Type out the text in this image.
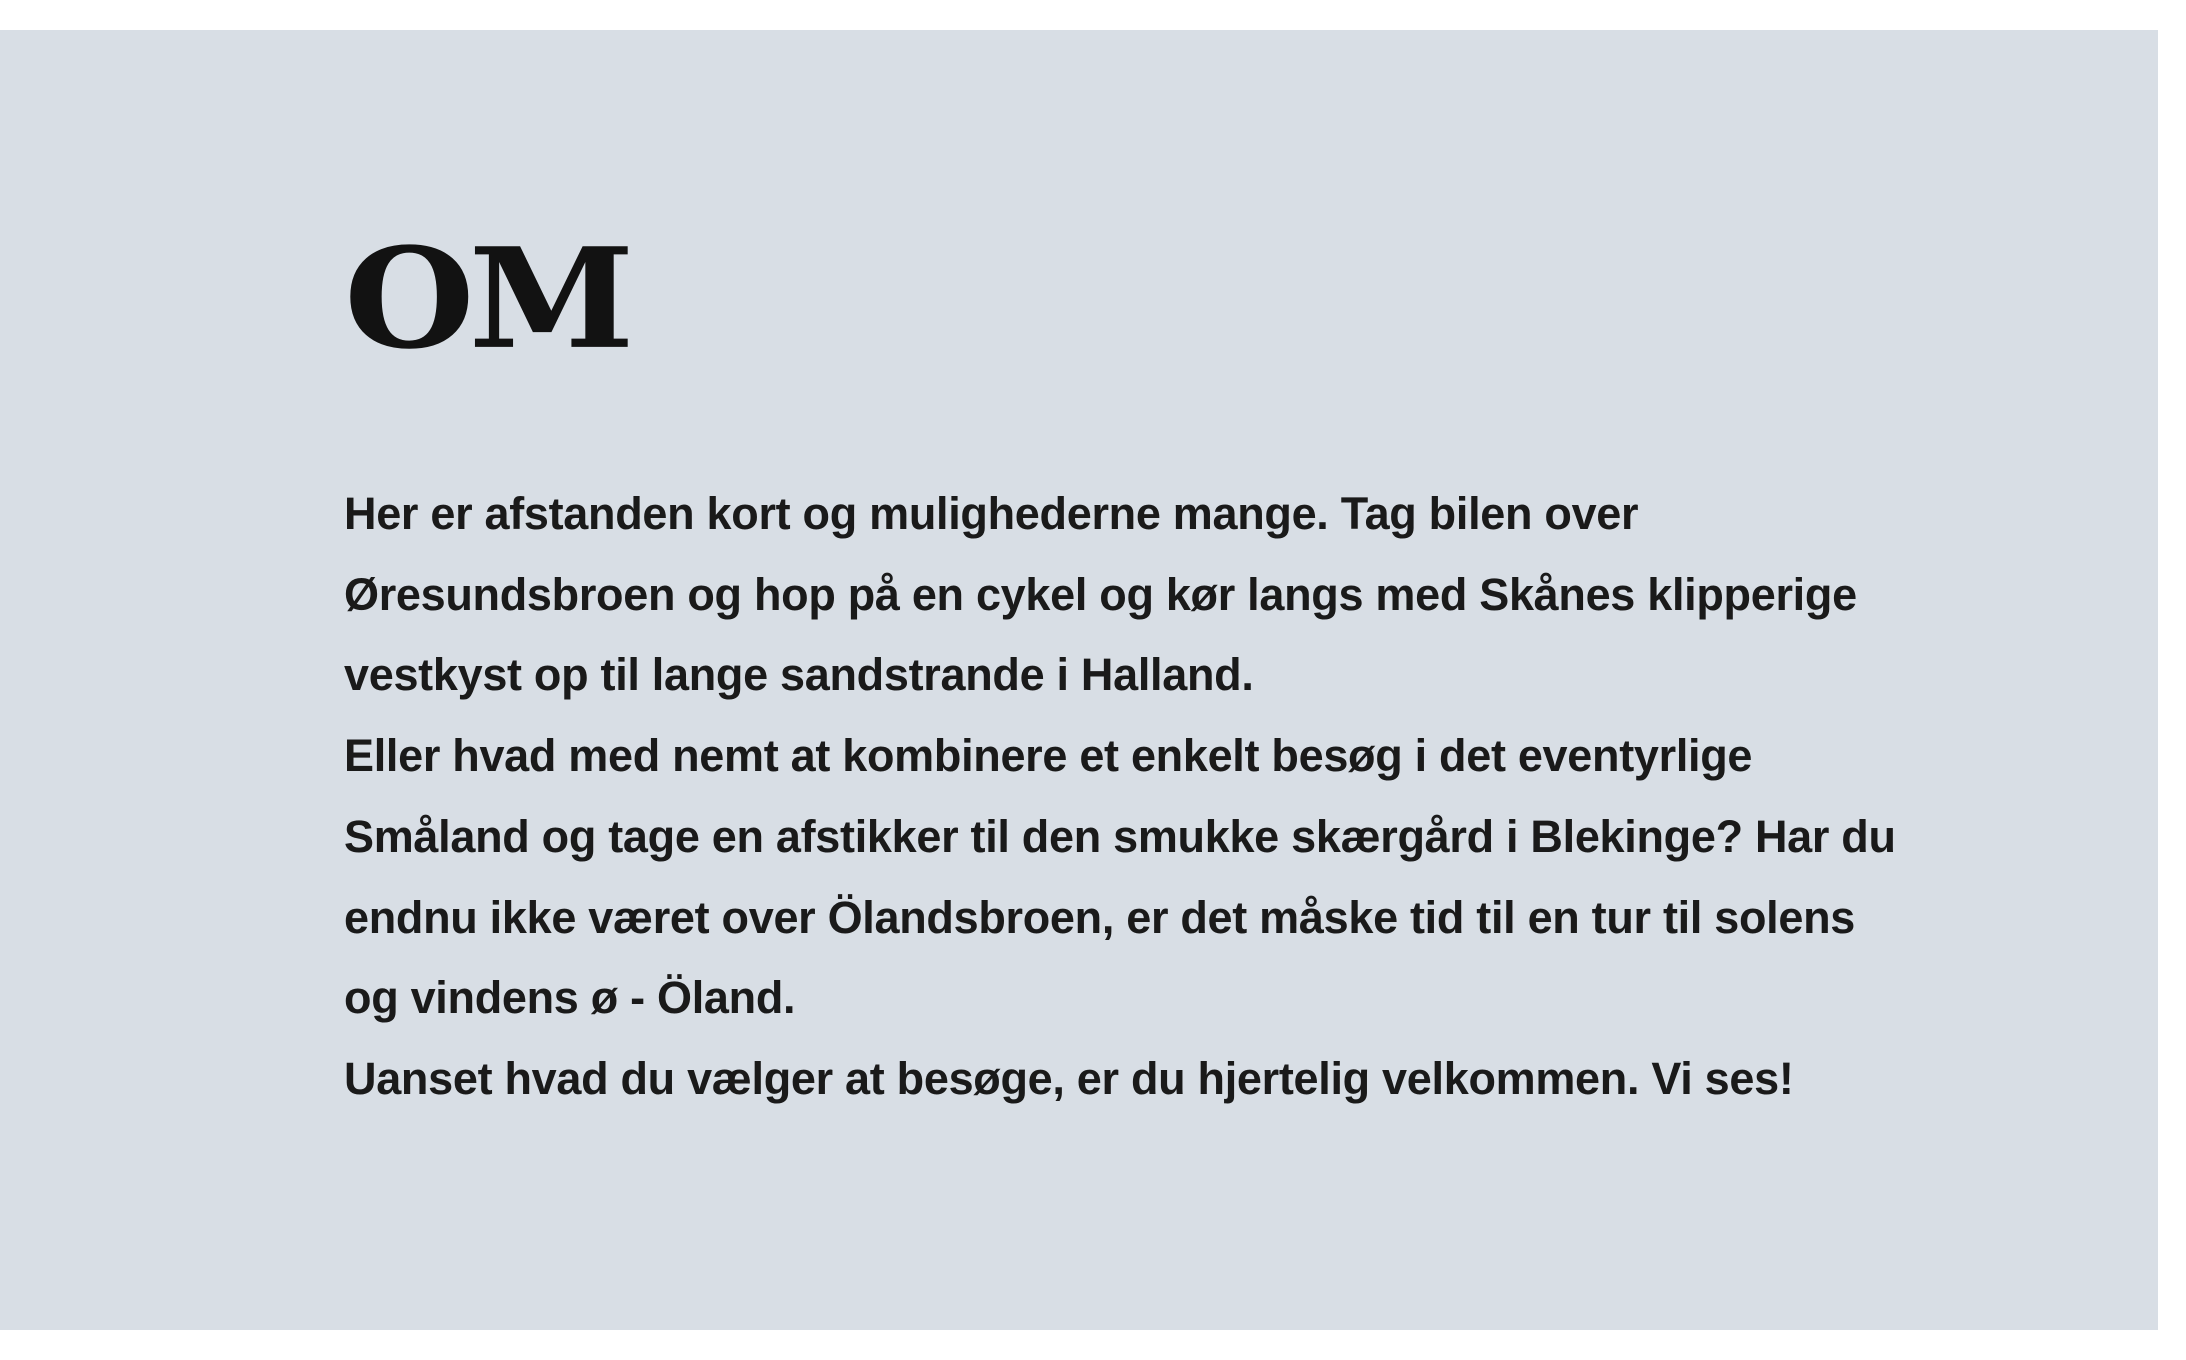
OM

Her er afstanden kort og mulighederne mange. Tag bilen over

Øresundsbroen og hop på en cykel og kør langs med Skånes klipperige

vestkyst op til lange sandstrande i Halland.

Eller hvad med nemt at kombinere et enkelt besøg i det eventyrlige

Småland og tage en afstikker til den smukke skærgård i Blekinge? Har du

endnu ikke været over Ölandsbroen, er det måske tid til en tur til solens

og vindens ø - Öland.

Uanset hvad du vælger at besøge, er du hjertelig velkommen. Vi ses!
